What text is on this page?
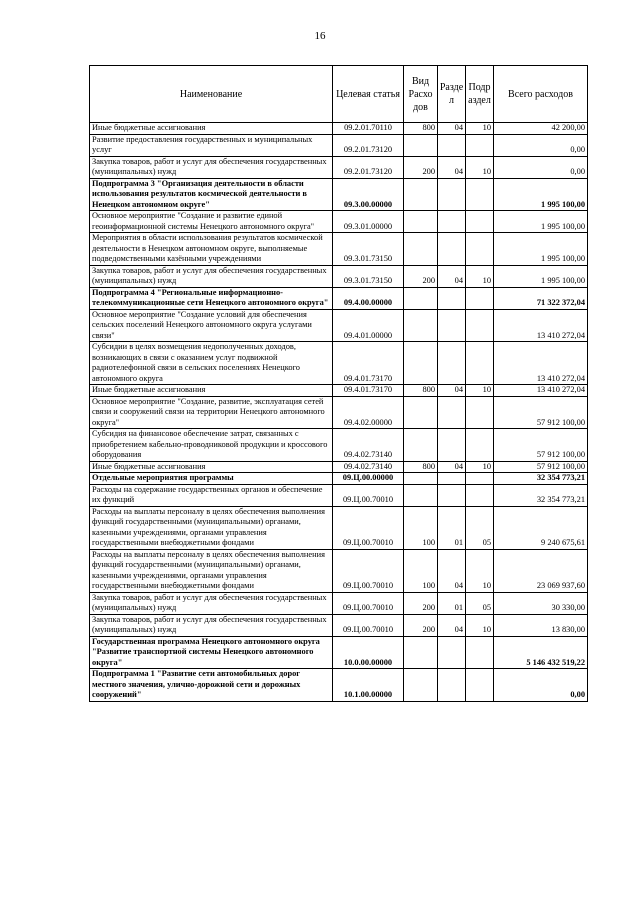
16
Наименование	Целевая статья	Вид Расхо дов	Разде л	Подр аздел	Всего расходов
Иные бюджетные ассигнования	09.2.01.70110	800	04	10	42 200,00
Развитие предоставления государственных и муниципальных услуг	09.2.01.73120				0,00
Закупка товаров, работ и услуг для обеспечения государственных (муниципальных) нужд	09.2.01.73120	200	04	10	0,00
Подпрограмма 3 "Организация деятельности в области использования результатов космической деятельности в Ненецком автономном округе"	09.3.00.00000				1 995 100,00
Основное мероприятие "Создание и развитие единой геоинформационной системы Ненецкого автономного округа"	09.3.01.00000				1 995 100,00
Мероприятия в области использования результатов космической деятельности в Ненецком автономном округе, выполняемые подведомственными казёнными учреждениями	09.3.01.73150				1 995 100,00
Закупка товаров, работ и услуг для обеспечения государственных (муниципальных) нужд	09.3.01.73150	200	04	10	1 995 100,00
Подпрограмма 4 "Региональные информационно-телекоммуникационные сети Ненецкого автономного округа"	09.4.00.00000				71 322 372,04
Основное мероприятие "Создание условий для обеспечения сельских поселений Ненецкого автономного округа услугами связи"	09.4.01.00000				13 410 272,04
Субсидии в целях возмещения недополученных доходов, возникающих в связи с оказанием услуг подвижной радиотелефонной связи в сельских поселениях Ненецкого автономного округа	09.4.01.73170				13 410 272,04
Иные бюджетные ассигнования	09.4.01.73170	800	04	10	13 410 272,04
Основное мероприятие "Создание, развитие, эксплуатация сетей связи и сооружений связи на территории Ненецкого автономного округа"	09.4.02.00000				57 912 100,00
Субсидия на финансовое обеспечение затрат, связанных с приобретением кабельно-проводниковой продукции и кроссового оборудования	09.4.02.73140				57 912 100,00
Иные бюджетные ассигнования	09.4.02.73140	800	04	10	57 912 100,00
Отдельные мероприятия программы	09.Ц.00.00000				32 354 773,21
Расходы на содержание государственных органов и обеспечение их функций	09.Ц.00.70010				32 354 773,21
Расходы на выплаты персоналу в целях обеспечения выполнения функций государственными (муниципальными) органами, казенными учреждениями, органами управления государственными внебюджетными фондами	09.Ц.00.70010	100	01	05	9 240 675,61
Расходы на выплаты персоналу в целях обеспечения выполнения функций государственными (муниципальными) органами, казенными учреждениями, органами управления государственными внебюджетными фондами	09.Ц.00.70010	100	04	10	23 069 937,60
Закупка товаров, работ и услуг для обеспечения государственных (муниципальных) нужд	09.Ц.00.70010	200	01	05	30 330,00
Закупка товаров, работ и услуг для обеспечения государственных (муниципальных) нужд	09.Ц.00.70010	200	04	10	13 830,00
Государственная программа Ненецкого автономного округа "Развитие транспортной системы Ненецкого автономного округа"	10.0.00.00000				5 146 432 519,22
Подпрограмма 1 "Развитие сети автомобильных дорог местного значения, улично-дорожной сети и дорожных сооружений"	10.1.00.00000				0,00
